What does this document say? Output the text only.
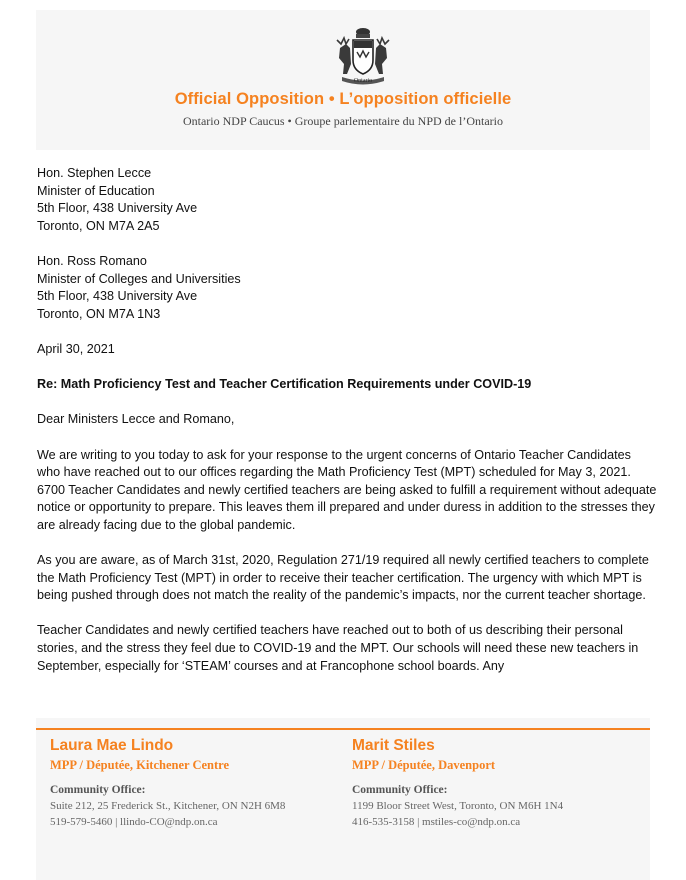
Ontario
Official Opposition • L’opposition officielle
Ontario NDP Caucus • Groupe parlementaire du NPD de l’Ontario

Hon. Stephen Lecce

Minister of Education

5th Floor, 438 University Ave

Toronto, ON M7A 2A5

Hon. Ross Romano

Minister of Colleges and Universities

5th Floor, 438 University Ave

Toronto, ON M7A 1N3

April 30, 2021

Re: Math Proficiency Test and Teacher Certification Requirements under COVID-19

Dear Ministers Lecce and Romano,

We are writing to you today to ask for your response to the urgent concerns of Ontario Teacher Candidates who have reached out to our offices regarding the Math Proficiency Test (MPT) scheduled for May 3, 2021. 6700 Teacher Candidates and newly certified teachers are being asked to fulfill a requirement without adequate notice or opportunity to prepare. This leaves them ill prepared and under duress in addition to the stresses they are already facing due to the global pandemic.

As you are aware, as of March 31st, 2020, Regulation 271/19 required all newly certified teachers to complete the Math Proficiency Test (MPT) in order to receive their teacher certification. The urgency with which MPT is being pushed through does not match the reality of the pandemic’s impacts, nor the current teacher shortage.

Teacher Candidates and newly certified teachers have reached out to both of us describing their personal stories, and the stress they feel due to COVID-19 and the MPT. Our schools will need these new teachers in September, especially for ‘STEAM’ courses and at Francophone school boards. Any

Laura Mae Lindo
MPP / Députée, Kitchener Centre
Community Office:
Suite 212, 25 Frederick St., Kitchener, ON N2H 6M8
519-579-5460 | llindo-CO@ndp.on.ca
Marit Stiles
MPP / Députée, Davenport
Community Office:
1199 Bloor Street West, Toronto, ON M6H 1N4
416-535-3158 | mstiles-co@ndp.on.ca
